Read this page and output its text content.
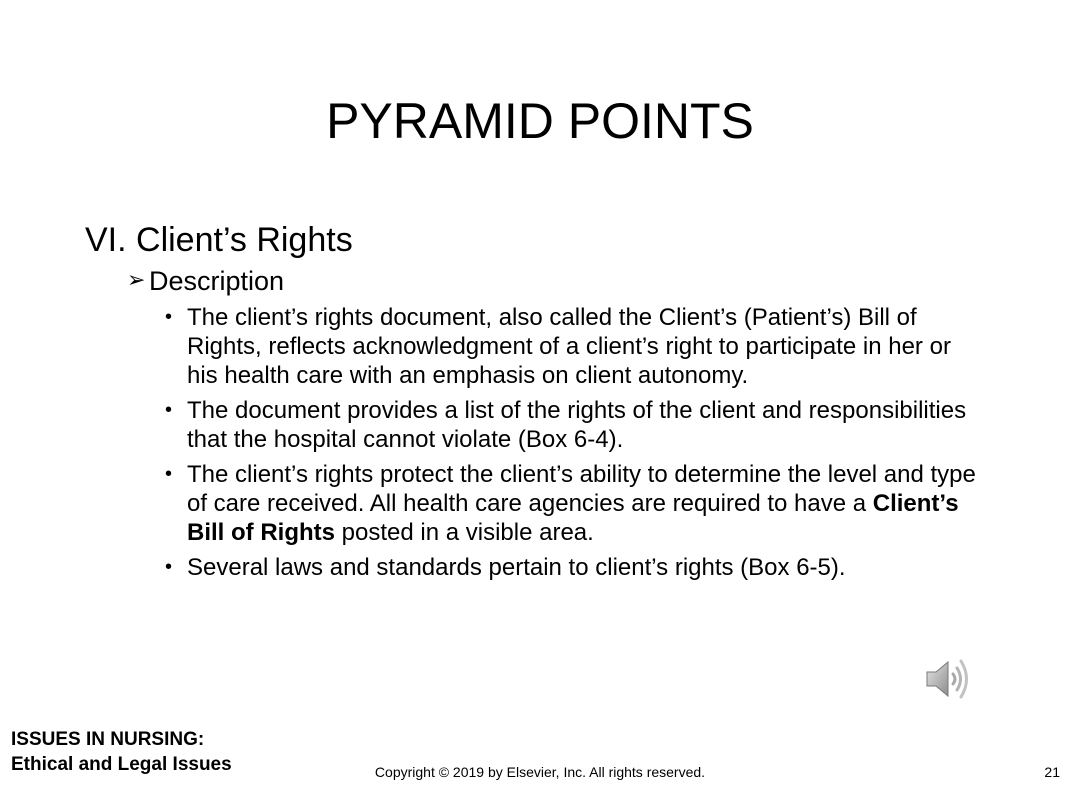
PYRAMID POINTS
VI. Client’s Rights
➢ Description
• The client’s rights document, also called the Client’s (Patient’s) Bill of Rights, reflects acknowledgment of a client’s right to participate in her or his health care with an emphasis on client autonomy.
• The document provides a list of the rights of the client and responsibilities that the hospital cannot violate (Box 6-4).
• The client’s rights protect the client’s ability to determine the level and type of care received. All health care agencies are required to have a Client’s Bill of Rights posted in a visible area.
• Several laws and standards pertain to client’s rights (Box 6-5).
ISSUES IN NURSING:
Ethical and Legal Issues	Copyright © 2019 by Elsevier, Inc. All rights reserved.	21
